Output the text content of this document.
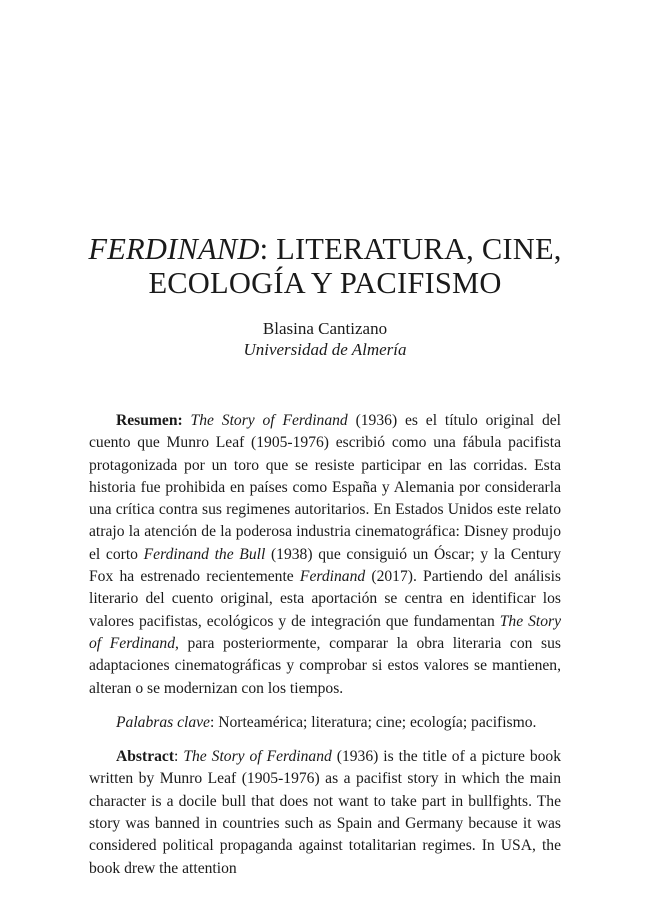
FERDINAND: LITERATURA, CINE,
ECOLOGÍA Y PACIFISMO
Blasina Cantizano
Universidad de Almería

Resumen: The Story of Ferdinand (1936) es el título original del cuento que Munro Leaf (1905-1976) escribió como una fábula pacifista protagonizada por un toro que se resiste participar en las corridas. Esta historia fue prohibida en países como España y Alemania por considerarla una crítica contra sus regimenes autoritarios. En Estados Unidos este relato atrajo la atención de la poderosa industria cinematográfica: Disney produjo el corto Ferdinand the Bull (1938) que consiguió un Óscar; y la Century Fox ha estrenado recientemente Ferdinand (2017). Partiendo del análisis literario del cuento original, esta aportación se centra en identificar los valores pacifistas, ecológicos y de integración que fundamentan The Story of Ferdinand, para posteriormente, comparar la obra literaria con sus adaptaciones cinematográficas y comprobar si estos valores se mantienen, alteran o se modernizan con los tiempos.

Palabras clave: Norteamérica; literatura; cine; ecología; pacifismo.

Abstract: The Story of Ferdinand (1936) is the title of a picture book written by Munro Leaf (1905-1976) as a pacifist story in which the main character is a docile bull that does not want to take part in bullfights. The story was banned in countries such as Spain and Germany because it was considered political propaganda against totalitarian regimes. In USA, the book drew the attention
